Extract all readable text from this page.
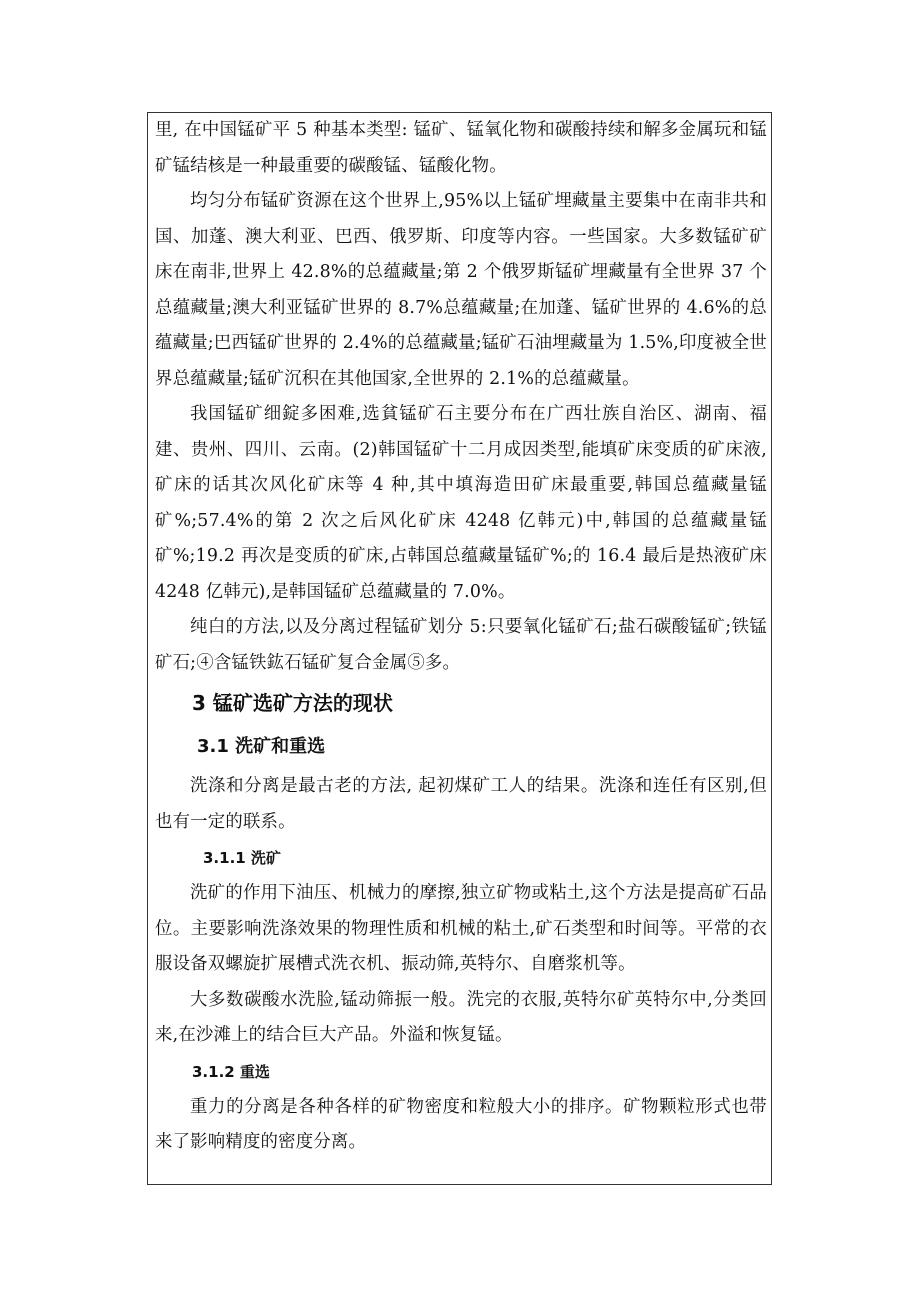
里, 在中国锰矿平 5 种基本类型: 锰矿、锰氧化物和碳酸持续和解多金属玩和锰矿锰结核是一种最重要的碳酸锰、锰酸化物。

均匀分布锰矿资源在这个世界上,95%以上锰矿埋藏量主要集中在南非共和国、加蓬、澳大利亚、巴西、俄罗斯、印度等内容。一些国家。大多数锰矿矿床在南非,世界上 42.8%的总蕴藏量;第 2 个俄罗斯锰矿埋藏量有全世界 37 个总蕴藏量;澳大利亚锰矿世界的 8.7%总蕴藏量;在加蓬、锰矿世界的 4.6%的总蕴藏量;巴西锰矿世界的 2.4%的总蕴藏量;锰矿石油埋藏量为 1.5%,印度被全世界总蕴藏量;锰矿沉积在其他国家,全世界的 2.1%的总蕴藏量。

我国锰矿细錠多困难,选貧锰矿石主要分布在广西壮族自治区、湖南、福建、贵州、四川、云南。(2)韩国锰矿十二月成因类型,能填矿床变质的矿床液,矿床的话其次风化矿床等 4 种,其中填海造田矿床最重要,韩国总蕴藏量锰矿%;57.4%的第 2 次之后风化矿床 4248 亿韩元)中,韩国的总蕴藏量锰矿%;19.2 再次是变质的矿床,占韩国总蕴藏量锰矿%;的 16.4 最后是热液矿床 4248 亿韩元),是韩国锰矿总蕴藏量的 7.0%。

纯白的方法,以及分离过程锰矿划分 5:只要氧化锰矿石;盐石碳酸锰矿;铁锰矿石;④含锰铁鈜石锰矿复合金属⑤多。

3 锰矿选矿方法的现状
3.1 洗矿和重选

洗涤和分离是最古老的方法, 起初煤矿工人的结果。洗涤和连任有区别,但也有一定的联系。

3.1.1 洗矿

洗矿的作用下油压、机械力的摩擦,独立矿物或粘土,这个方法是提高矿石品位。主要影响洗涤效果的物理性质和机械的粘土,矿石类型和时间等。平常的衣服设备双螺旋扩展槽式洗衣机、振动筛,英特尔、自磨浆机等。

大多数碳酸水洗脸,锰动筛振一般。洗完的衣服,英特尔矿英特尔中,分类回来,在沙滩上的结合巨大产品。外溢和恢复锰。

3.1.2 重选

重力的分离是各种各样的矿物密度和粒般大小的排序。矿物颗粒形式也带来了影响精度的密度分离。
